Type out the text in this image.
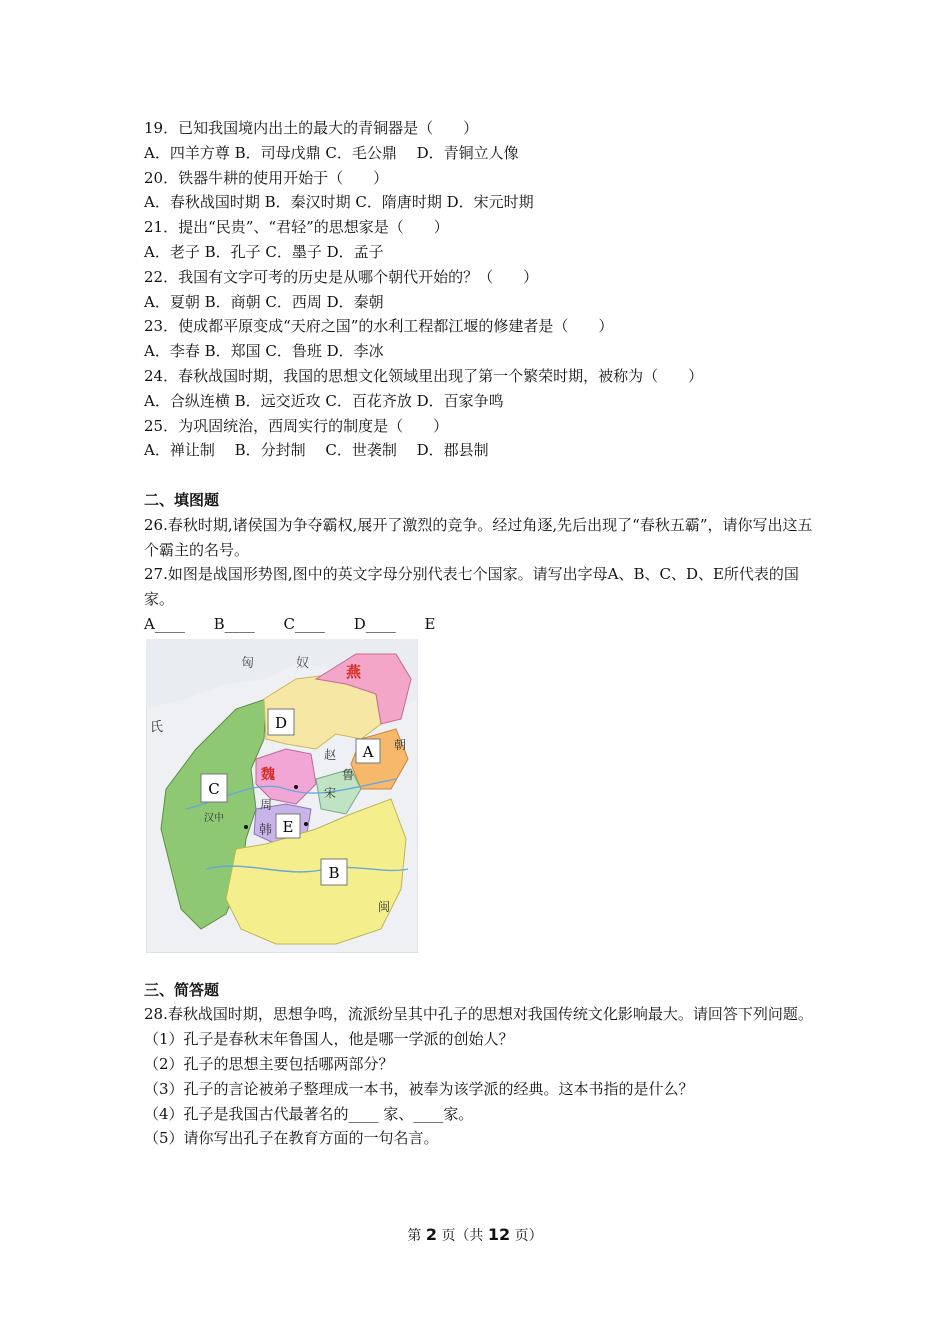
19．已知我国境内出土的最大的青铜器是（　　）
A．四羊方尊 B．司母戊鼎 C．毛公鼎　 D．青铜立人像
20．铁器牛耕的使用开始于（　　）
A．春秋战国时期 B．秦汉时期 C．隋唐时期 D．宋元时期
21．提出“民贵”、“君轻”的思想家是（　　）
A．老子 B．孔子 C．墨子 D．孟子
22．我国有文字可考的历史是从哪个朝代开始的？（　　）
A．夏朝 B．商朝 C．西周 D．秦朝
23．使成都平原变成“天府之国”的水利工程都江堰的修建者是（　　）
A．李春 B．郑国 C．鲁班 D．李冰
24．春秋战国时期，我国的思想文化领域里出现了第一个繁荣时期，被称为（　　）
A．合纵连横 B．远交近攻 C．百花齐放 D．百家争鸣
25．为巩固统治，西周实行的制度是（　　）
A．禅让制　 B．分封制　 C．世袭制　 D．郡县制
二、填图题
26.春秋时期,诸侯国为争夺霸权,展开了激烈的竞争。经过角逐,先后出现了“春秋五霸”，请你写出这五个霸主的名号。
27.如图是战国形势图,图中的英文字母分别代表七个国家。请写出字母A、B、C、D、E所代表的国家。
A____ B____ C____ D____ E
D
A
C
E
B
匈	奴 燕
氏
魏
赵
宋
韩
周
朝
鲁
汉中
闽
三、简答题
28.春秋战国时期，思想争鸣，流派纷呈其中孔子的思想对我国传统文化影响最大。请回答下列问题。
（1）孔子是春秋末年鲁国人，他是哪一学派的创始人？
（2）孔子的思想主要包括哪两部分？
（3）孔子的言论被弟子整理成一本书，被奉为该学派的经典。这本书指的是什么？
（4）孔子是我国古代最著名的____ 家、____家。
（5）请你写出孔子在教育方面的一句名言。
第 2 页（共 12 页）
